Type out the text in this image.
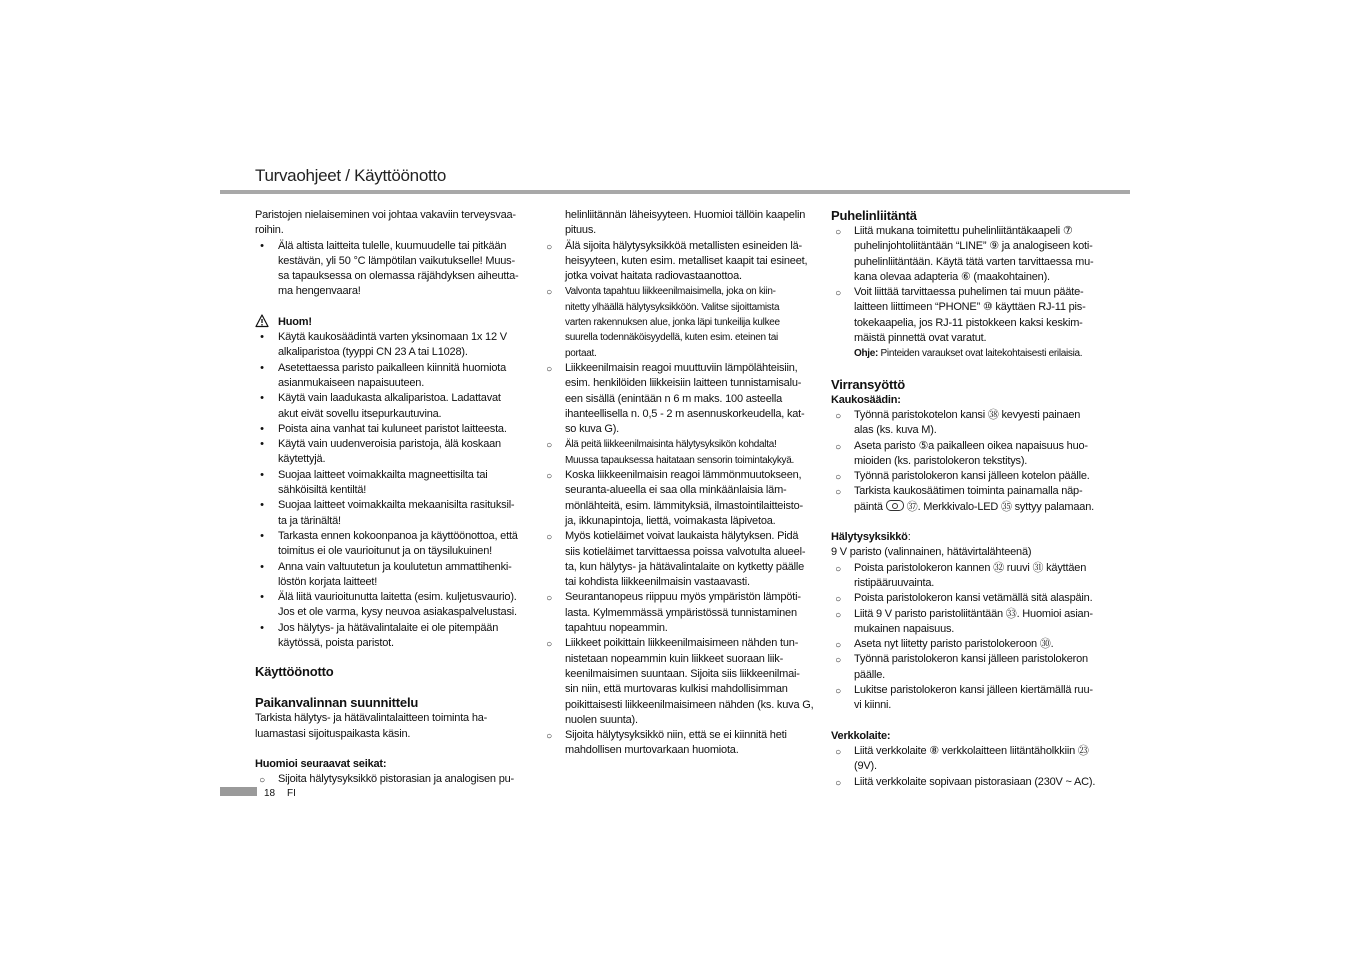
Turvaohjeet / Käyttöönotto
Paristojen nielaiseminen voi johtaa vakaviin terveysvaa-
roihin.
•	Älä altista laitteita tulelle, kuumuudelle tai pitkään
kestävän, yli 50 °C lämpötilan vaikutukselle! Muus-
sa tapauksessa on olemassa räjähdyksen aiheutta-
ma hengenvaara!
Huom!
•	Käytä kaukosäädintä varten yksinomaan 1x 12 V
alkaliparistoa (tyyppi CN 23 A tai L1028).
•	Asetettaessa paristo paikalleen kiinnitä huomiota
asianmukaiseen napaisuuteen.
•	Käytä vain laadukasta alkaliparistoa. Ladattavat
akut eivät sovellu itsepurkautuvina.
•	Poista aina vanhat tai kuluneet paristot laitteesta.
•	Käytä vain uudenveroisia paristoja, älä koskaan
käytettyjä.
•	Suojaa laitteet voimakkailta magneettisilta tai
sähköisiltä kentiltä!
•	Suojaa laitteet voimakkailta mekaanisilta rasituksil-
ta ja tärinältä!
•	Tarkasta ennen kokoonpanoa ja käyttöönottoa, että
toimitus ei ole vaurioitunut ja on täysilukuinen!
•	Anna vain valtuutetun ja koulutetun ammattihenki-
löstön korjata laitteet!
•	Älä liitä vaurioitunutta laitetta (esim. kuljetusvaurio).
Jos et ole varma, kysy neuvoa asiakaspalvelustasi.
•	Jos hälytys- ja hätävalintalaite ei ole pitempään
käytössä, poista paristot.
Käyttöönotto
Paikanvalinnan suunnittelu
Tarkista hälytys- ja hätävalintalaitteen toiminta ha-
luamastasi sijoituspaikasta käsin.
Huomioi seuraavat seikat:
○	Sijoita hälytysyksikkö pistorasian ja analogisen pu-
helinliitännän läheisyyteen. Huomioi tällöin kaapelin
pituus.
○	Älä sijoita hälytysyksikköä metallisten esineiden lä-
heisyyteen, kuten esim. metalliset kaapit tai esineet,
jotka voivat haitata radiovastaanottoa.
○	Valvonta tapahtuu liikkeenilmaisimella, joka on kiin-
nitetty ylhäällä hälytysyksikköön. Valitse sijoittamista
varten rakennuksen alue, jonka läpi tunkeilija kulkee
suurella todennäköisyydellä, kuten esim. eteinen tai
portaat.
○	Liikkeenilmaisin reagoi muuttuviin lämpölähteisiin,
esim. henkilöiden liikkeisiin laitteen tunnistamisalu-
een sisällä (enintään n 6 m maks. 100 asteella
ihanteellisella n. 0,5 - 2 m asennuskorkeudella, kat-
so kuva G).
○	Älä peitä liikkeenilmaisinta hälytysyksikön kohdalta!
Muussa tapauksessa haitataan sensorin toimintakykyä.
○	Koska liikkeenilmaisin reagoi lämmönmuutokseen,
seuranta-alueella ei saa olla minkäänlaisia läm-
mönlähteitä, esim. lämmityksiä, ilmastointilaitteisto-
ja, ikkunapintoja, liettä, voimakasta läpivetoa.
○	Myös kotieläimet voivat laukaista hälytyksen. Pidä
siis kotieläimet tarvittaessa poissa valvotulta alueel-
ta, kun hälytys- ja hätävalintalaite on kytketty päälle
tai kohdista liikkeenilmaisin vastaavasti.
○	Seurantanopeus riippuu myös ympäristön lämpöti-
lasta. Kylmemmässä ympäristössä tunnistaminen
tapahtuu nopeammin.
○	Liikkeet poikittain liikkeenilmaisimeen nähden tun-
nistetaan nopeammin kuin liikkeet suoraan liik-
keenilmaisimen suuntaan. Sijoita siis liikkeenilmai-
sin niin, että murtovaras kulkisi mahdollisimman
poikittaisesti liikkeenilmaisimeen nähden (ks. kuva G,
nuolen suunta).
○	Sijoita hälytysyksikkö niin, että se ei kiinnitä heti
mahdollisen murtovarkaan huomiota.
Puhelinliitäntä
○	Liitä mukana toimitettu puhelinliitäntäkaapeli ⑦
puhelinjohtoliitäntään “LINE” ⑨ ja analogiseen koti-
puhelinliitäntään. Käytä tätä varten tarvittaessa mu-
kana olevaa adapteria ⑥ (maakohtainen).
○	Voit liittää tarvittaessa puhelimen tai muun pääte-
laitteen liittimeen “PHONE” ⑩ käyttäen RJ-11 pis-
tokekaapelia, jos RJ-11 pistokkeen kaksi keskim-
mäistä pinnettä ovat varatut.
Ohje: Pinteiden varaukset ovat laitekohtaisesti erilaisia.
Virransyöttö
Kaukosäädin:
○	Työnnä paristokotelon kansi ㊳ kevyesti painaen
alas (ks. kuva M).
○	Aseta paristo ⑤a paikalleen oikea napaisuus huo-
mioiden (ks. paristolokeron tekstitys).
○	Työnnä paristolokeron kansi jälleen kotelon päälle.
○	Tarkista kaukosäätimen toiminta painamalla näp-
päintä ㊲. Merkkivalo-LED ㉟ syttyy palamaan.
Hälytysyksikkö:
9 V paristo (valinnainen, hätävirtalähteenä)
○	Poista paristolokeron kannen ㉜ ruuvi ㉛ käyttäen
ristipääruuvainta.
○	Poista paristolokeron kansi vetämällä sitä alaspäin.
○	Liitä 9 V paristo paristoliitäntään ㉝. Huomioi asian-
mukainen napaisuus.
○	Aseta nyt liitetty paristo paristolokeroon ㉚.
○	Työnnä paristolokeron kansi jälleen paristolokeron
päälle.
○	Lukitse paristolokeron kansi jälleen kiertämällä ruu-
vi kiinni.
Verkkolaite:
○	Liitä verkkolaite ⑧ verkkolaitteen liitäntäholkkiin ㉓
(9V).
○	Liitä verkkolaite sopivaan pistorasiaan (230V ~ AC).
18 FI
